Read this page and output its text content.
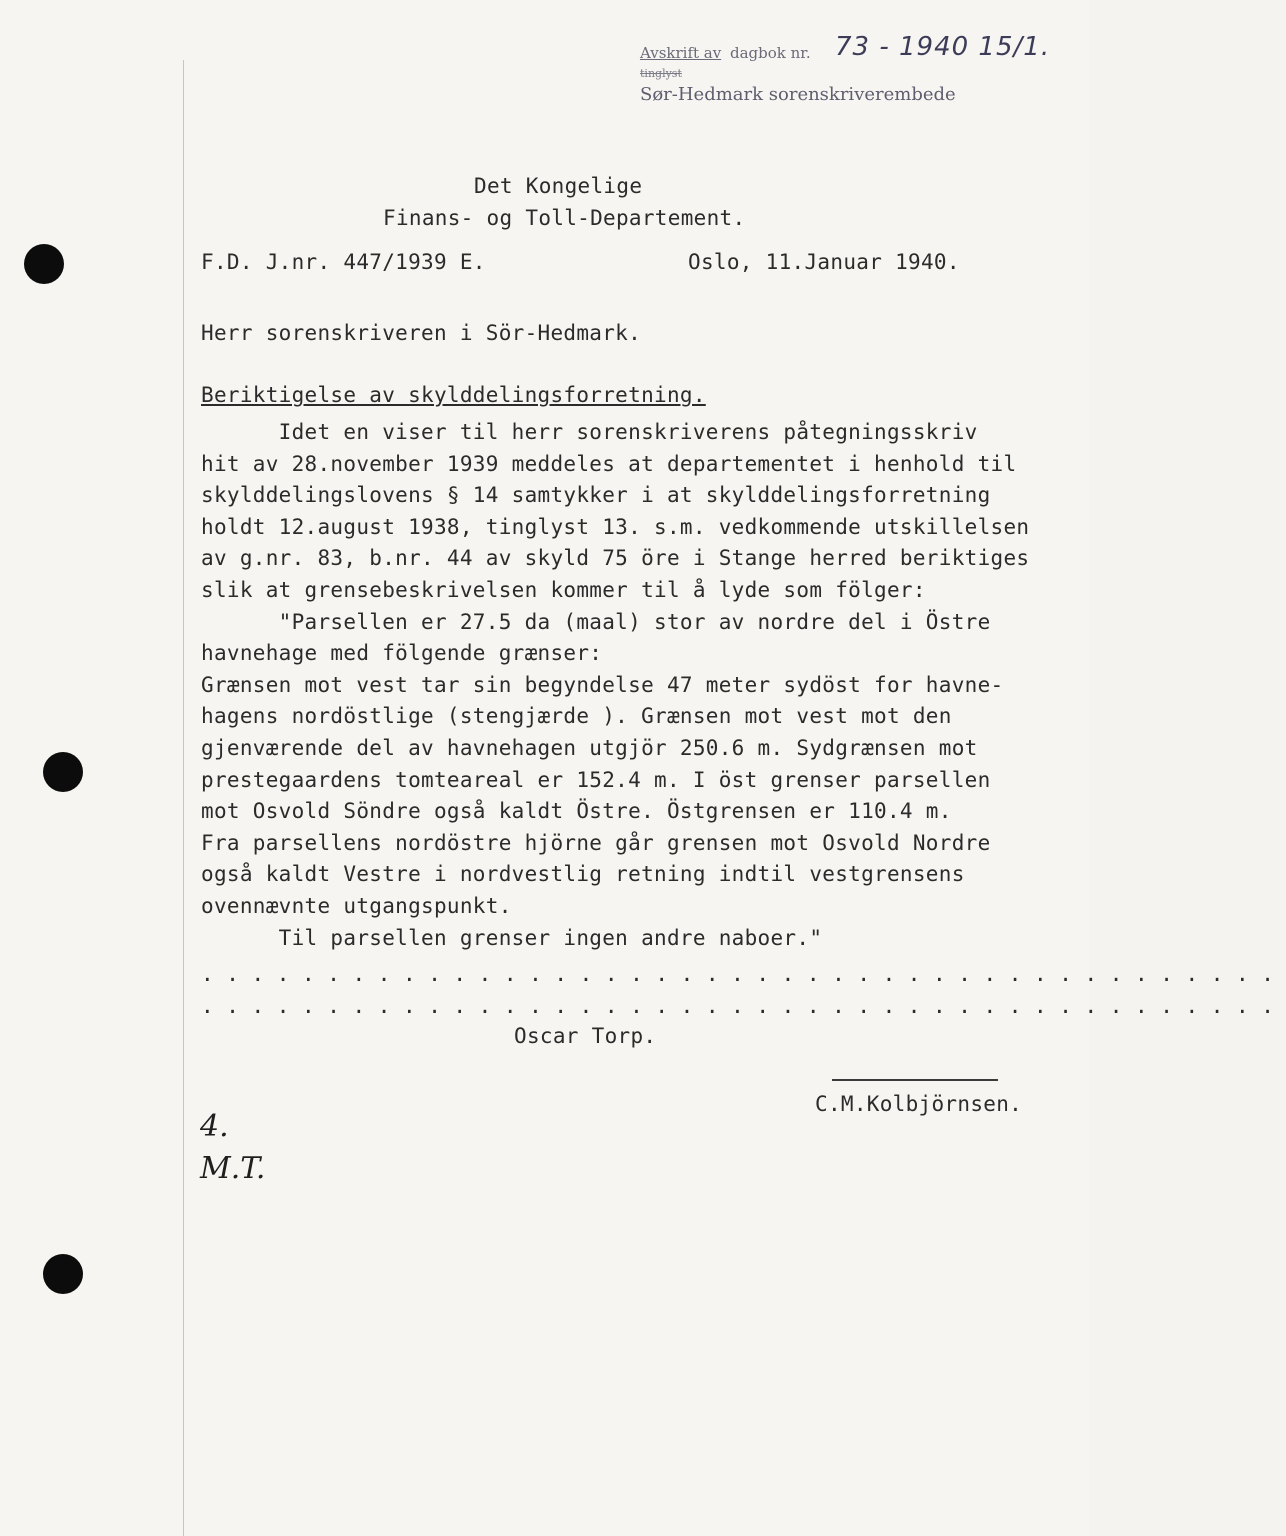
Avskrift av dagbok nr. 73 - 1940 15/1.
tinglyst
Sør-Hedmark sorenskriverembede
Det Kongelige
Finans- og Toll-Departement.
F.D. J.nr. 447/1939 E.	Oslo, 11.Januar 1940.
Herr sorenskriveren i Sör-Hedmark.
Beriktigelse av skylddelingsforretning.
Idet en viser til herr sorenskriverens påtegningsskriv
hit av 28.november 1939 meddeles at departementet i henhold til
skylddelingslovens § 14 samtykker i at skylddelingsforretning
holdt 12.august 1938, tinglyst 13. s.m. vedkommende utskillelsen
av g.nr. 83, b.nr. 44 av skyld 75 öre i Stange herred beriktiges
slik at grensebeskrivelsen kommer til å lyde som fölger:
"Parsellen er 27.5 da (maal) stor av nordre del i Östre
havnehage med fölgende grænser:
Grænsen mot vest tar sin begyndelse 47 meter sydöst for havne-
hagens nordöstlige (stengjærde ). Grænsen mot vest mot den
gjenværende del av havnehagen utgjör 250.6 m. Sydgrænsen mot
prestegaardens tomteareal er 152.4 m. I öst grenser parsellen
mot Osvold Söndre også kaldt Östre. Östgrensen er 110.4 m.
Fra parsellens nordöstre hjörne går grensen mot Osvold Nordre
også kaldt Vestre i nordvestlig retning indtil vestgrensens
ovennævnte utgangspunkt.
Til parsellen grenser ingen andre naboer."
...........................................
...........................................
Oscar Torp.
C.M.Kolbjörnsen.
4.
M.T.
